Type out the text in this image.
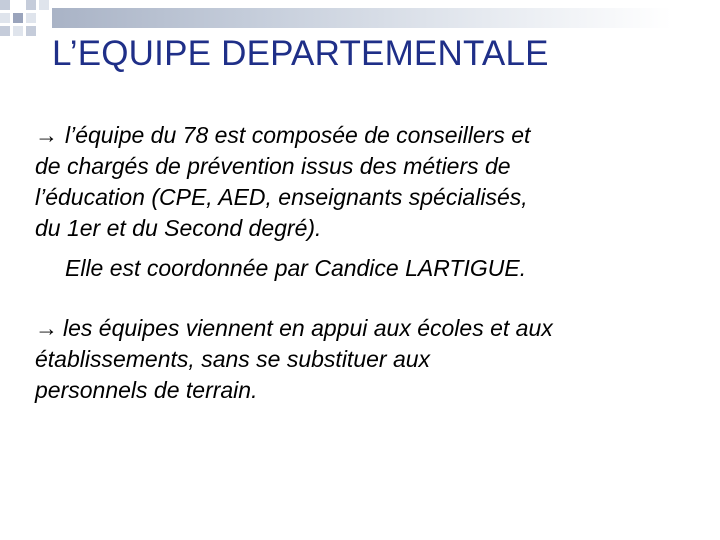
L’EQUIPE DEPARTEMENTALE

→ l’équipe du 78 est composée de conseillers et
de chargés de prévention issus des métiers de
l’éducation (CPE, AED, enseignants spécialisés,
du 1er et du Second degré).

Elle est coordonnée par Candice LARTIGUE.

→ les équipes viennent en appui aux écoles et aux
établissements, sans se substituer aux
personnels de terrain.
